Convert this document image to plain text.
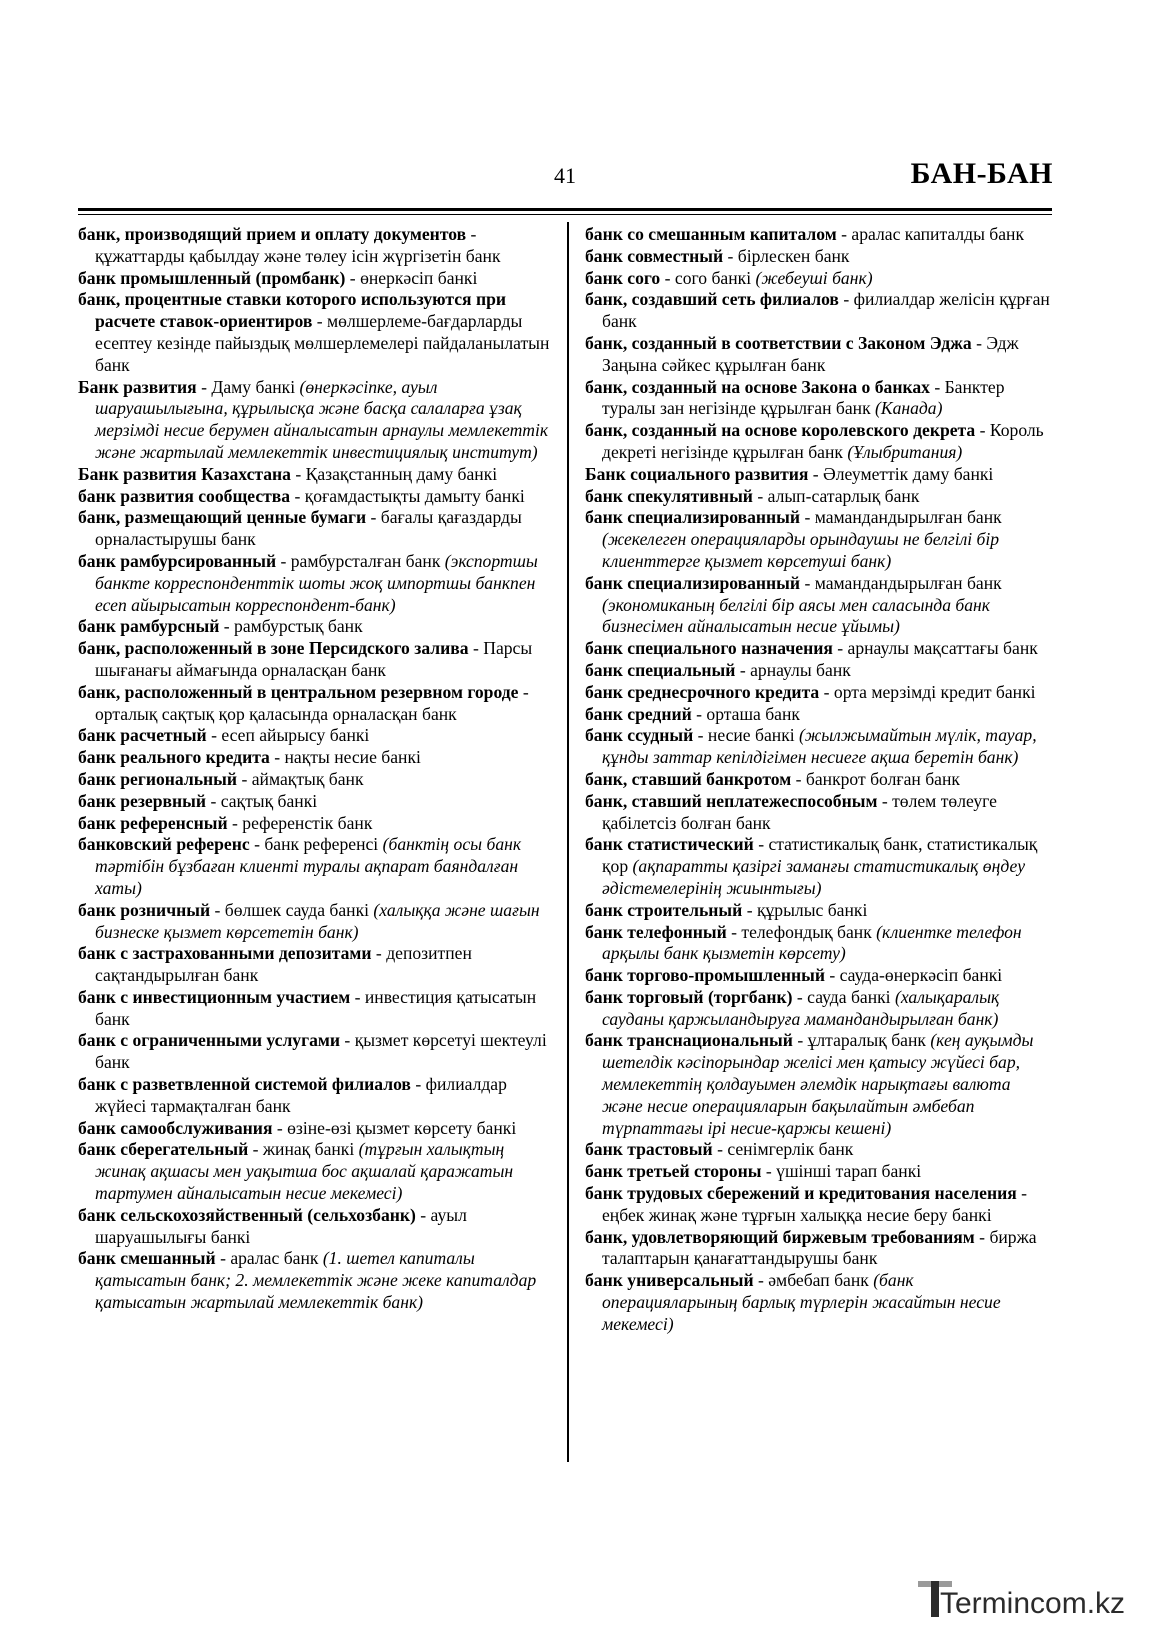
41	БАН-БАН

банк, производящий прием и оплату документов - құжаттарды қабылдау және төлеу ісін жүргізетін банк

банк промышленный (промбанк) - өнеркәсіп банкі

банк, процентные ставки которого используются при расчете ставок-ориентиров - мөлшерлеме-бағдарларды есептеу кезінде пайыздық мөлшерлемелері пайдаланылатын банк

Банк развития - Даму банкі (өнеркәсіпке, ауыл шаруашылығына, құрылысқа және басқа салаларға ұзақ мерзімді несие берумен айналысатын арнаулы мемлекеттік және жартылай мемлекеттік инвестициялық институт)

Банк развития Казахстана - Қазақстанның даму банкі

банк развития сообщества - қоғамдастықты дамыту банкі

банк, размещающий ценные бумаги - бағалы қағаздарды орналастырушы банк

банк рамбурсированный - рамбурсталған банк (экспортшы банкте корреспонденттік шоты жоқ импортшы банкпен есеп айырысатын корреспондент-банк)

банк рамбурсный - рамбурстық банк

банк, расположенный в зоне Персидского залива - Парсы шығанағы аймағында орналасқан банк

банк, расположенный в центральном резервном городе - орталық сақтық қор қаласында орналасқан банк

банк расчетный - есеп айырысу банкі

банк реального кредита - нақты несие банкі

банк региональный - аймақтық банк

банк резервный - сақтық банкі

банк референсный - референстік банк

банковский референс - банк референсі (банктің осы банк тәртібін бұзбаған клиенті туралы ақпарат баяндалған хаты)

банк розничный - бөлшек сауда банкі (халыққа және шағын бизнеске қызмет көрсететін банк)

банк с застрахованными депозитами - депозитпен сақтандырылған банк

банк с инвестиционным участием - инвестиция қатысатын банк

банк с ограниченными услугами - қызмет көрсетуі шектеулі банк

банк с разветвленной системой филиалов - филиалдар жүйесі тармақталған банк

банк самообслуживания - өзіне-өзі қызмет көрсету банкі

банк сберегательный - жинақ банкі (тұрғын халықтың жинақ ақшасы мен уақытша бос ақшалай қаражатын тартумен айналысатын несие мекемесі)

банк сельскохозяйственный (сельхозбанк) - ауыл шаруашылығы банкі

банк смешанный - аралас банк (1. шетел капиталы қатысатын банк; 2. мемлекеттік және жеке капиталдар қатысатын жартылай мемлекеттік банк)

банк со смешанным капиталом - аралас капиталды банк

банк совместный - бірлескен банк

банк сого - сого банкі (жебеуші банк)

банк, создавший сеть филиалов - филиалдар желісін құрған банк

банк, созданный в соответствии с Законом Эджа - Эдж Заңына сәйкес құрылған банк

банк, созданный на основе Закона о банках - Банктер туралы зан негізінде құрылған банк (Канада)

банк, созданный на основе королевского декрета - Король декреті негізінде құрылған банк (Ұлыбритания)

Банк социального развития - Әлеуметтік даму банкі

банк спекулятивный - алып-сатарлық банк

банк специализированный - мамандандырылған банк (жекелеген операцияларды орындаушы не белгілі бір клиенттерге қызмет көрсетуші банк)

банк специализированный - мамандандырылған банк (экономиканың белгілі бір аясы мен саласында банк бизнесімен айналысатын несие ұйымы)

банк специального назначения - арнаулы мақсаттағы банк

банк специальный - арнаулы банк

банк среднесрочного кредита - орта мерзімді кредит банкі

банк средний - орташа банк

банк ссудный - несие банкі (жылжымайтын мүлік, тауар, құнды заттар кепілдігімен несиеге ақша беретін банк)

банк, ставший банкротом - банкрот болған банк

банк, ставший неплатежеспособным - төлем төлеуге қабілетсіз болған банк

банк статистический - статистикалық банк, статистикалық қор (ақпаратты қазіргі заманғы статистикалық өңдеу әдістемелерінің жиынтығы)

банк строительный - құрылыс банкі

банк телефонный - телефондық банк (клиентке телефон арқылы банк қызметін көрсету)

банк торгово-промышленный - сауда-өнеркәсіп банкі

банк торговый (торгбанк) - сауда банкі (халықаралық сауданы қаржыландыруға мамандандырылған банк)

банк транснациональный - ұлтаралық банк (кең ауқымды шетелдік кәсіпорындар желісі мен қатысу жүйесі бар, мемлекеттің қолдауымен әлемдік нарықтағы валюта және несие операцияларын бақылайтын әмбебап түрпаттағы ірі несие-қаржы кешені)

банк трастовый - сенімгерлік банк

банк третьей стороны - үшінші тарап банкі

банк трудовых сбережений и кредитования населения - еңбек жинақ және тұрғын халыққа несие беру банкі

банк, удовлетворяющий биржевым требованиям - биржа талаптарын қанағаттандырушы банк

банк универсальный - әмбебап банк (банк операцияларының барлық түрлерін жасайтын несие мекемесі)

Termincom.kz
